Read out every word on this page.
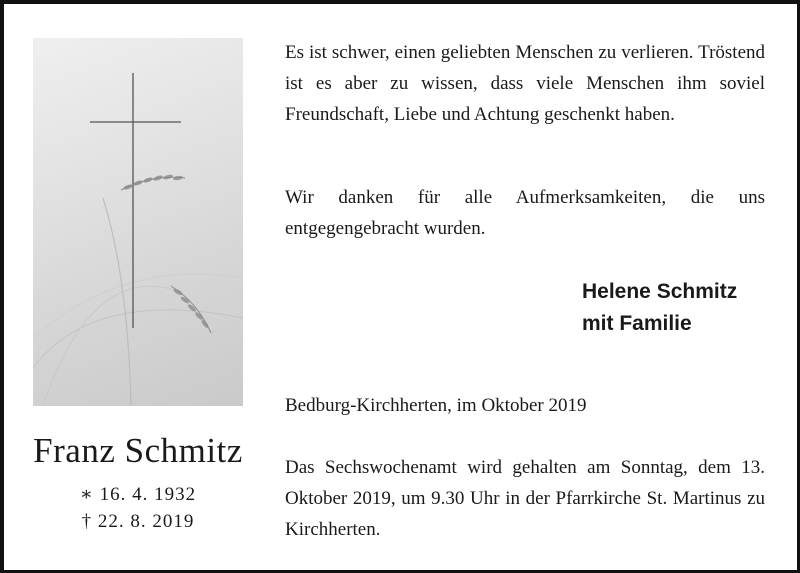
Franz Schmitz
∗ 16. 4. 1932
† 22. 8. 2019
Es ist schwer, einen geliebten Menschen zu verlieren. Tröstend ist es aber zu wissen, dass viele Menschen ihm soviel Freundschaft, Liebe und Achtung geschenkt haben.
Wir danken für alle Aufmerksamkeiten, die uns entgegengebracht wurden.
Helene Schmitz
mit Familie
Bedburg-Kirchherten, im Oktober 2019
Das Sechswochenamt wird gehalten am Sonntag, dem 13. Oktober 2019, um 9.30 Uhr in der Pfarrkirche St. Martinus zu Kirchherten.
